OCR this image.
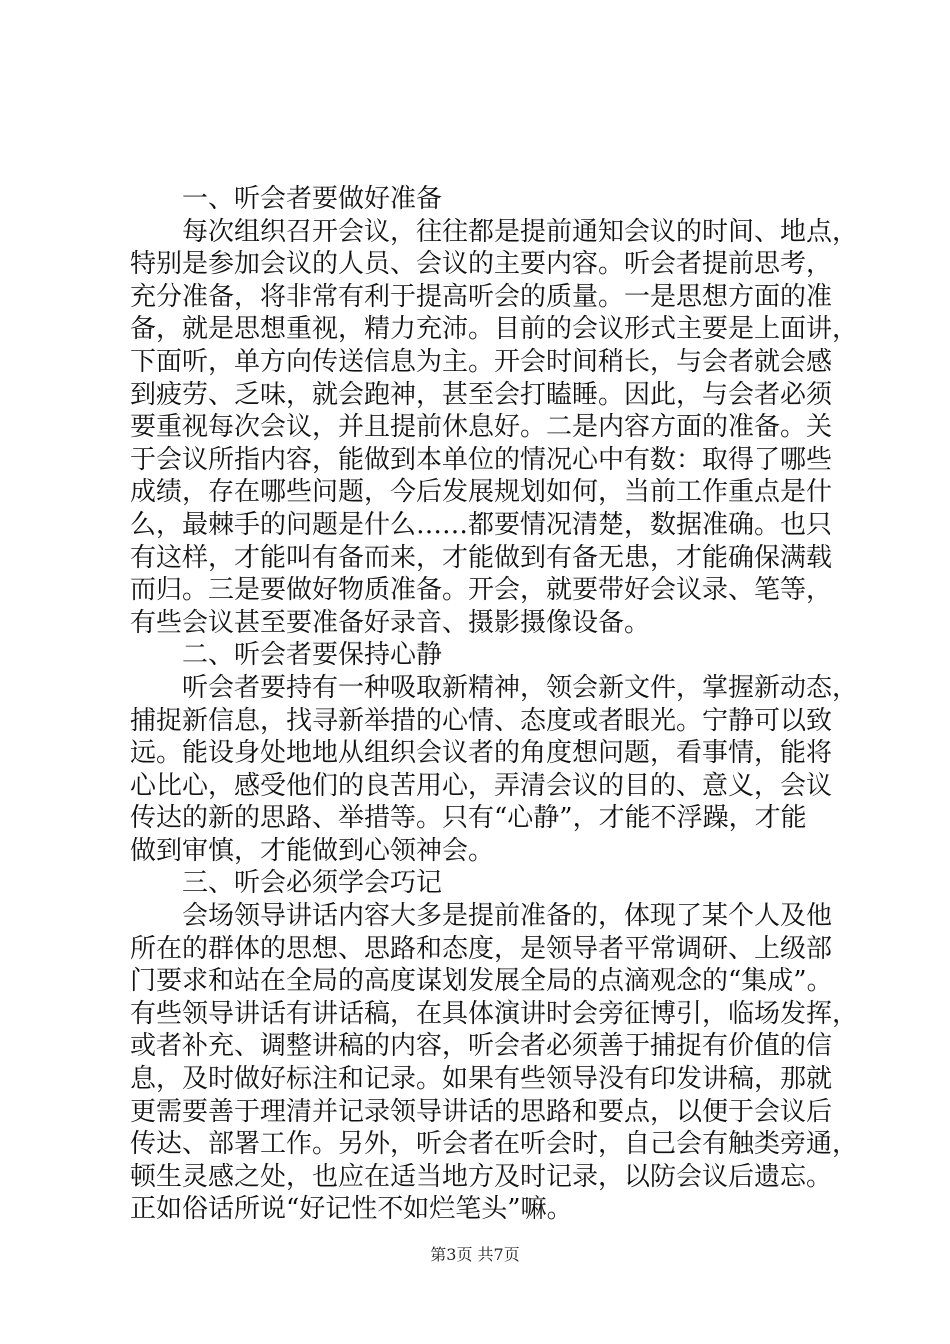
一、听会者要做好准备
每次组织召开会议，往往都是提前通知会议的时间、地点，
特别是参加会议的人员、会议的主要内容。听会者提前思考，
充分准备，将非常有利于提高听会的质量。一是思想方面的准
备，就是思想重视，精力充沛。目前的会议形式主要是上面讲，
下面听，单方向传送信息为主。开会时间稍长，与会者就会感
到疲劳、乏味，就会跑神，甚至会打瞌睡。因此，与会者必须
要重视每次会议，并且提前休息好。二是内容方面的准备。关
于会议所指内容，能做到本单位的情况心中有数：取得了哪些
成绩，存在哪些问题，今后发展规划如何，当前工作重点是什
么，最棘手的问题是什么……都要情况清楚，数据准确。也只
有这样，才能叫有备而来，才能做到有备无患，才能确保满载
而归。三是要做好物质准备。开会，就要带好会议录、笔等，
有些会议甚至要准备好录音、摄影摄像设备。
二、听会者要保持心静
听会者要持有一种吸取新精神，领会新文件，掌握新动态，
捕捉新信息，找寻新举措的心情、态度或者眼光。宁静可以致
远。能设身处地地从组织会议者的角度想问题，看事情，能将
心比心，感受他们的良苦用心，弄清会议的目的、意义，会议
传达的新的思路、举措等。只有“心静”，才能不浮躁，才能
做到审慎，才能做到心领神会。
三、听会必须学会巧记
会场领导讲话内容大多是提前准备的，体现了某个人及他
所在的群体的思想、思路和态度，是领导者平常调研、上级部
门要求和站在全局的高度谋划发展全局的点滴观念的“集成”。
有些领导讲话有讲话稿，在具体演讲时会旁征博引，临场发挥，
或者补充、调整讲稿的内容，听会者必须善于捕捉有价值的信
息，及时做好标注和记录。如果有些领导没有印发讲稿，那就
更需要善于理清并记录领导讲话的思路和要点，以便于会议后
传达、部署工作。另外，听会者在听会时，自己会有触类旁通，
顿生灵感之处，也应在适当地方及时记录，以防会议后遗忘。
正如俗话所说“好记性不如烂笔头”嘛。
第3页 共7页
